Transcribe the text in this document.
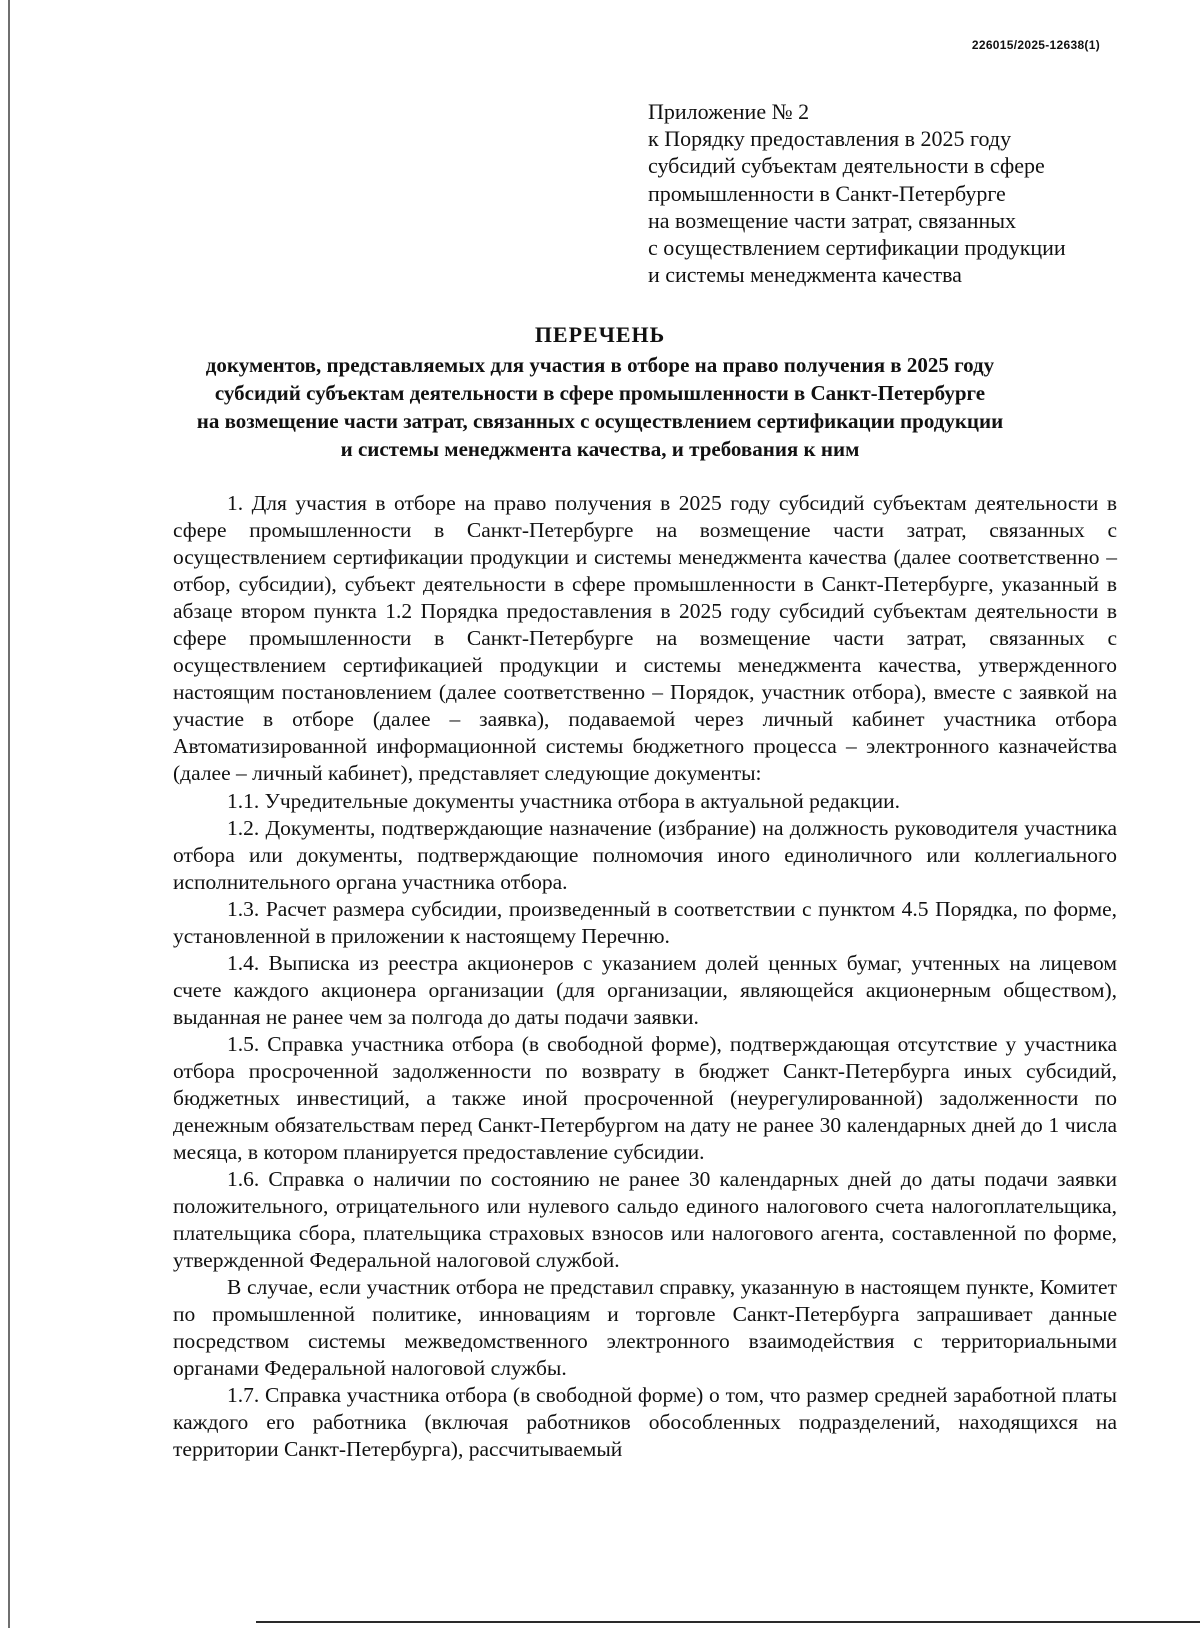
226015/2025-12638(1)
Приложение № 2
к Порядку предоставления в 2025 году
субсидий субъектам деятельности в сфере
промышленности в Санкт-Петербурге
на возмещение части затрат, связанных
с осуществлением сертификации продукции
и системы менеджмента качества
ПЕРЕЧЕНЬ
документов, представляемых для участия в отборе на право получения в 2025 году
субсидий субъектам деятельности в сфере промышленности в Санкт-Петербурге
на возмещение части затрат, связанных с осуществлением сертификации продукции
и системы менеджмента качества, и требования к ним

1. Для участия в отборе на право получения в 2025 году субсидий субъектам деятельности в сфере промышленности в Санкт-Петербурге на возмещение части затрат, связанных с осуществлением сертификации продукции и системы менеджмента качества (далее соответственно – отбор, субсидии), субъект деятельности в сфере промышленности в Санкт-Петербурге, указанный в абзаце втором пункта 1.2 Порядка предоставления в 2025 году субсидий субъектам деятельности в сфере промышленности в Санкт-Петербурге на возмещение части затрат, связанных с осуществлением сертификацией продукции и системы менеджмента качества, утвержденного настоящим постановлением (далее соответственно – Порядок, участник отбора), вместе с заявкой на участие в отборе (далее – заявка), подаваемой через личный кабинет участника отбора Автоматизированной информационной системы бюджетного процесса – электронного казначейства (далее – личный кабинет), представляет следующие документы:

1.1. Учредительные документы участника отбора в актуальной редакции.

1.2. Документы, подтверждающие назначение (избрание) на должность руководителя участника отбора или документы, подтверждающие полномочия иного единоличного или коллегиального исполнительного органа участника отбора.

1.3. Расчет размера субсидии, произведенный в соответствии с пунктом 4.5 Порядка, по форме, установленной в приложении к настоящему Перечню.

1.4. Выписка из реестра акционеров с указанием долей ценных бумаг, учтенных на лицевом счете каждого акционера организации (для организации, являющейся акционерным обществом), выданная не ранее чем за полгода до даты подачи заявки.

1.5. Справка участника отбора (в свободной форме), подтверждающая отсутствие у участника отбора просроченной задолженности по возврату в бюджет Санкт-Петербурга иных субсидий, бюджетных инвестиций, а также иной просроченной (неурегулированной) задолженности по денежным обязательствам перед Санкт-Петербургом на дату не ранее 30 календарных дней до 1 числа месяца, в котором планируется предоставление субсидии.

1.6. Справка о наличии по состоянию не ранее 30 календарных дней до даты подачи заявки положительного, отрицательного или нулевого сальдо единого налогового счета налогоплательщика, плательщика сбора, плательщика страховых взносов или налогового агента, составленной по форме, утвержденной Федеральной налоговой службой.

В случае, если участник отбора не представил справку, указанную в настоящем пункте, Комитет по промышленной политике, инновациям и торговле Санкт-Петербурга запрашивает данные посредством системы межведомственного электронного взаимодействия с территориальными органами Федеральной налоговой службы.

1.7. Справка участника отбора (в свободной форме) о том, что размер средней заработной платы каждого его работника (включая работников обособленных подразделений, находящихся на территории Санкт-Петербурга), рассчитываемый
